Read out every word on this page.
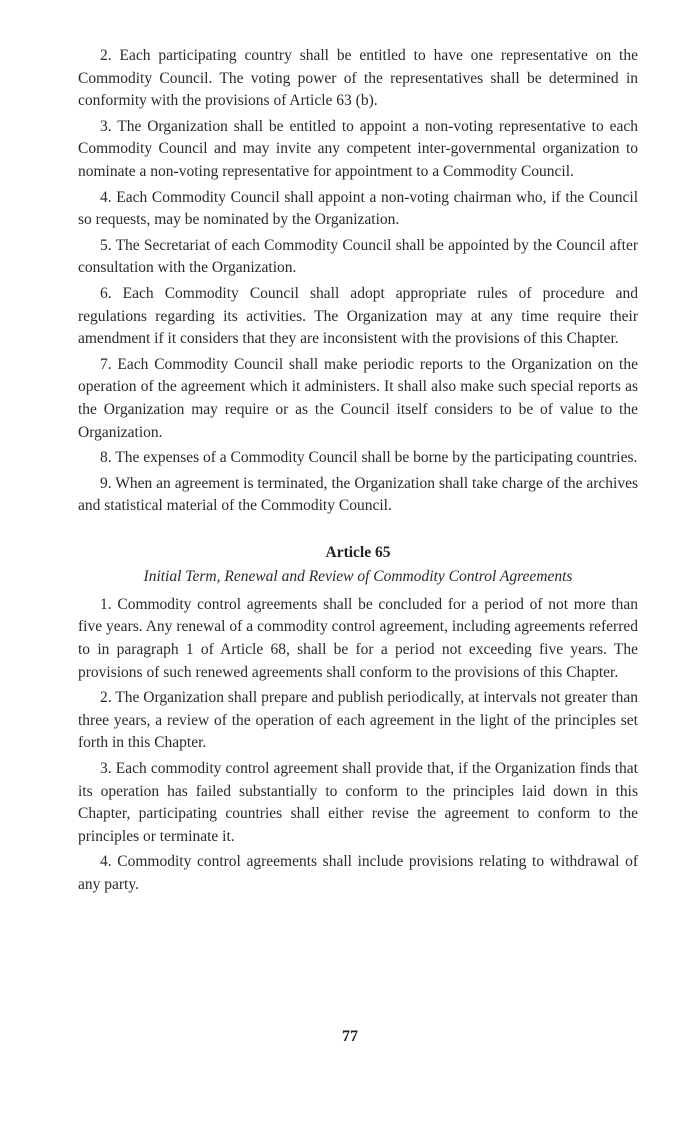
2. Each participating country shall be entitled to have one representative on the Commodity Council. The voting power of the representatives shall be determined in conformity with the provisions of Article 63 (b).

3. The Organization shall be entitled to appoint a non-voting representative to each Commodity Council and may invite any competent inter-governmental organization to nominate a non-voting representative for appointment to a Commodity Council.

4. Each Commodity Council shall appoint a non-voting chairman who, if the Council so requests, may be nominated by the Organization.

5. The Secretariat of each Commodity Council shall be appointed by the Council after consultation with the Organization.

6. Each Commodity Council shall adopt appropriate rules of procedure and regulations regarding its activities. The Organization may at any time require their amendment if it considers that they are inconsistent with the provisions of this Chapter.

7. Each Commodity Council shall make periodic reports to the Organization on the operation of the agreement which it administers. It shall also make such special reports as the Organization may require or as the Council itself considers to be of value to the Organization.

8. The expenses of a Commodity Council shall be borne by the participating countries.

9. When an agreement is terminated, the Organization shall take charge of the archives and statistical material of the Commodity Council.

Article 65
Initial Term, Renewal and Review of Commodity Control Agreements

1. Commodity control agreements shall be concluded for a period of not more than five years. Any renewal of a commodity control agreement, including agreements referred to in paragraph 1 of Article 68, shall be for a period not exceeding five years. The provisions of such renewed agreements shall conform to the provisions of this Chapter.

2. The Organization shall prepare and publish periodically, at intervals not greater than three years, a review of the operation of each agreement in the light of the principles set forth in this Chapter.

3. Each commodity control agreement shall provide that, if the Organization finds that its operation has failed substantially to conform to the principles laid down in this Chapter, participating countries shall either revise the agreement to conform to the principles or terminate it.

4. Commodity control agreements shall include provisions relating to withdrawal of any party.

77
